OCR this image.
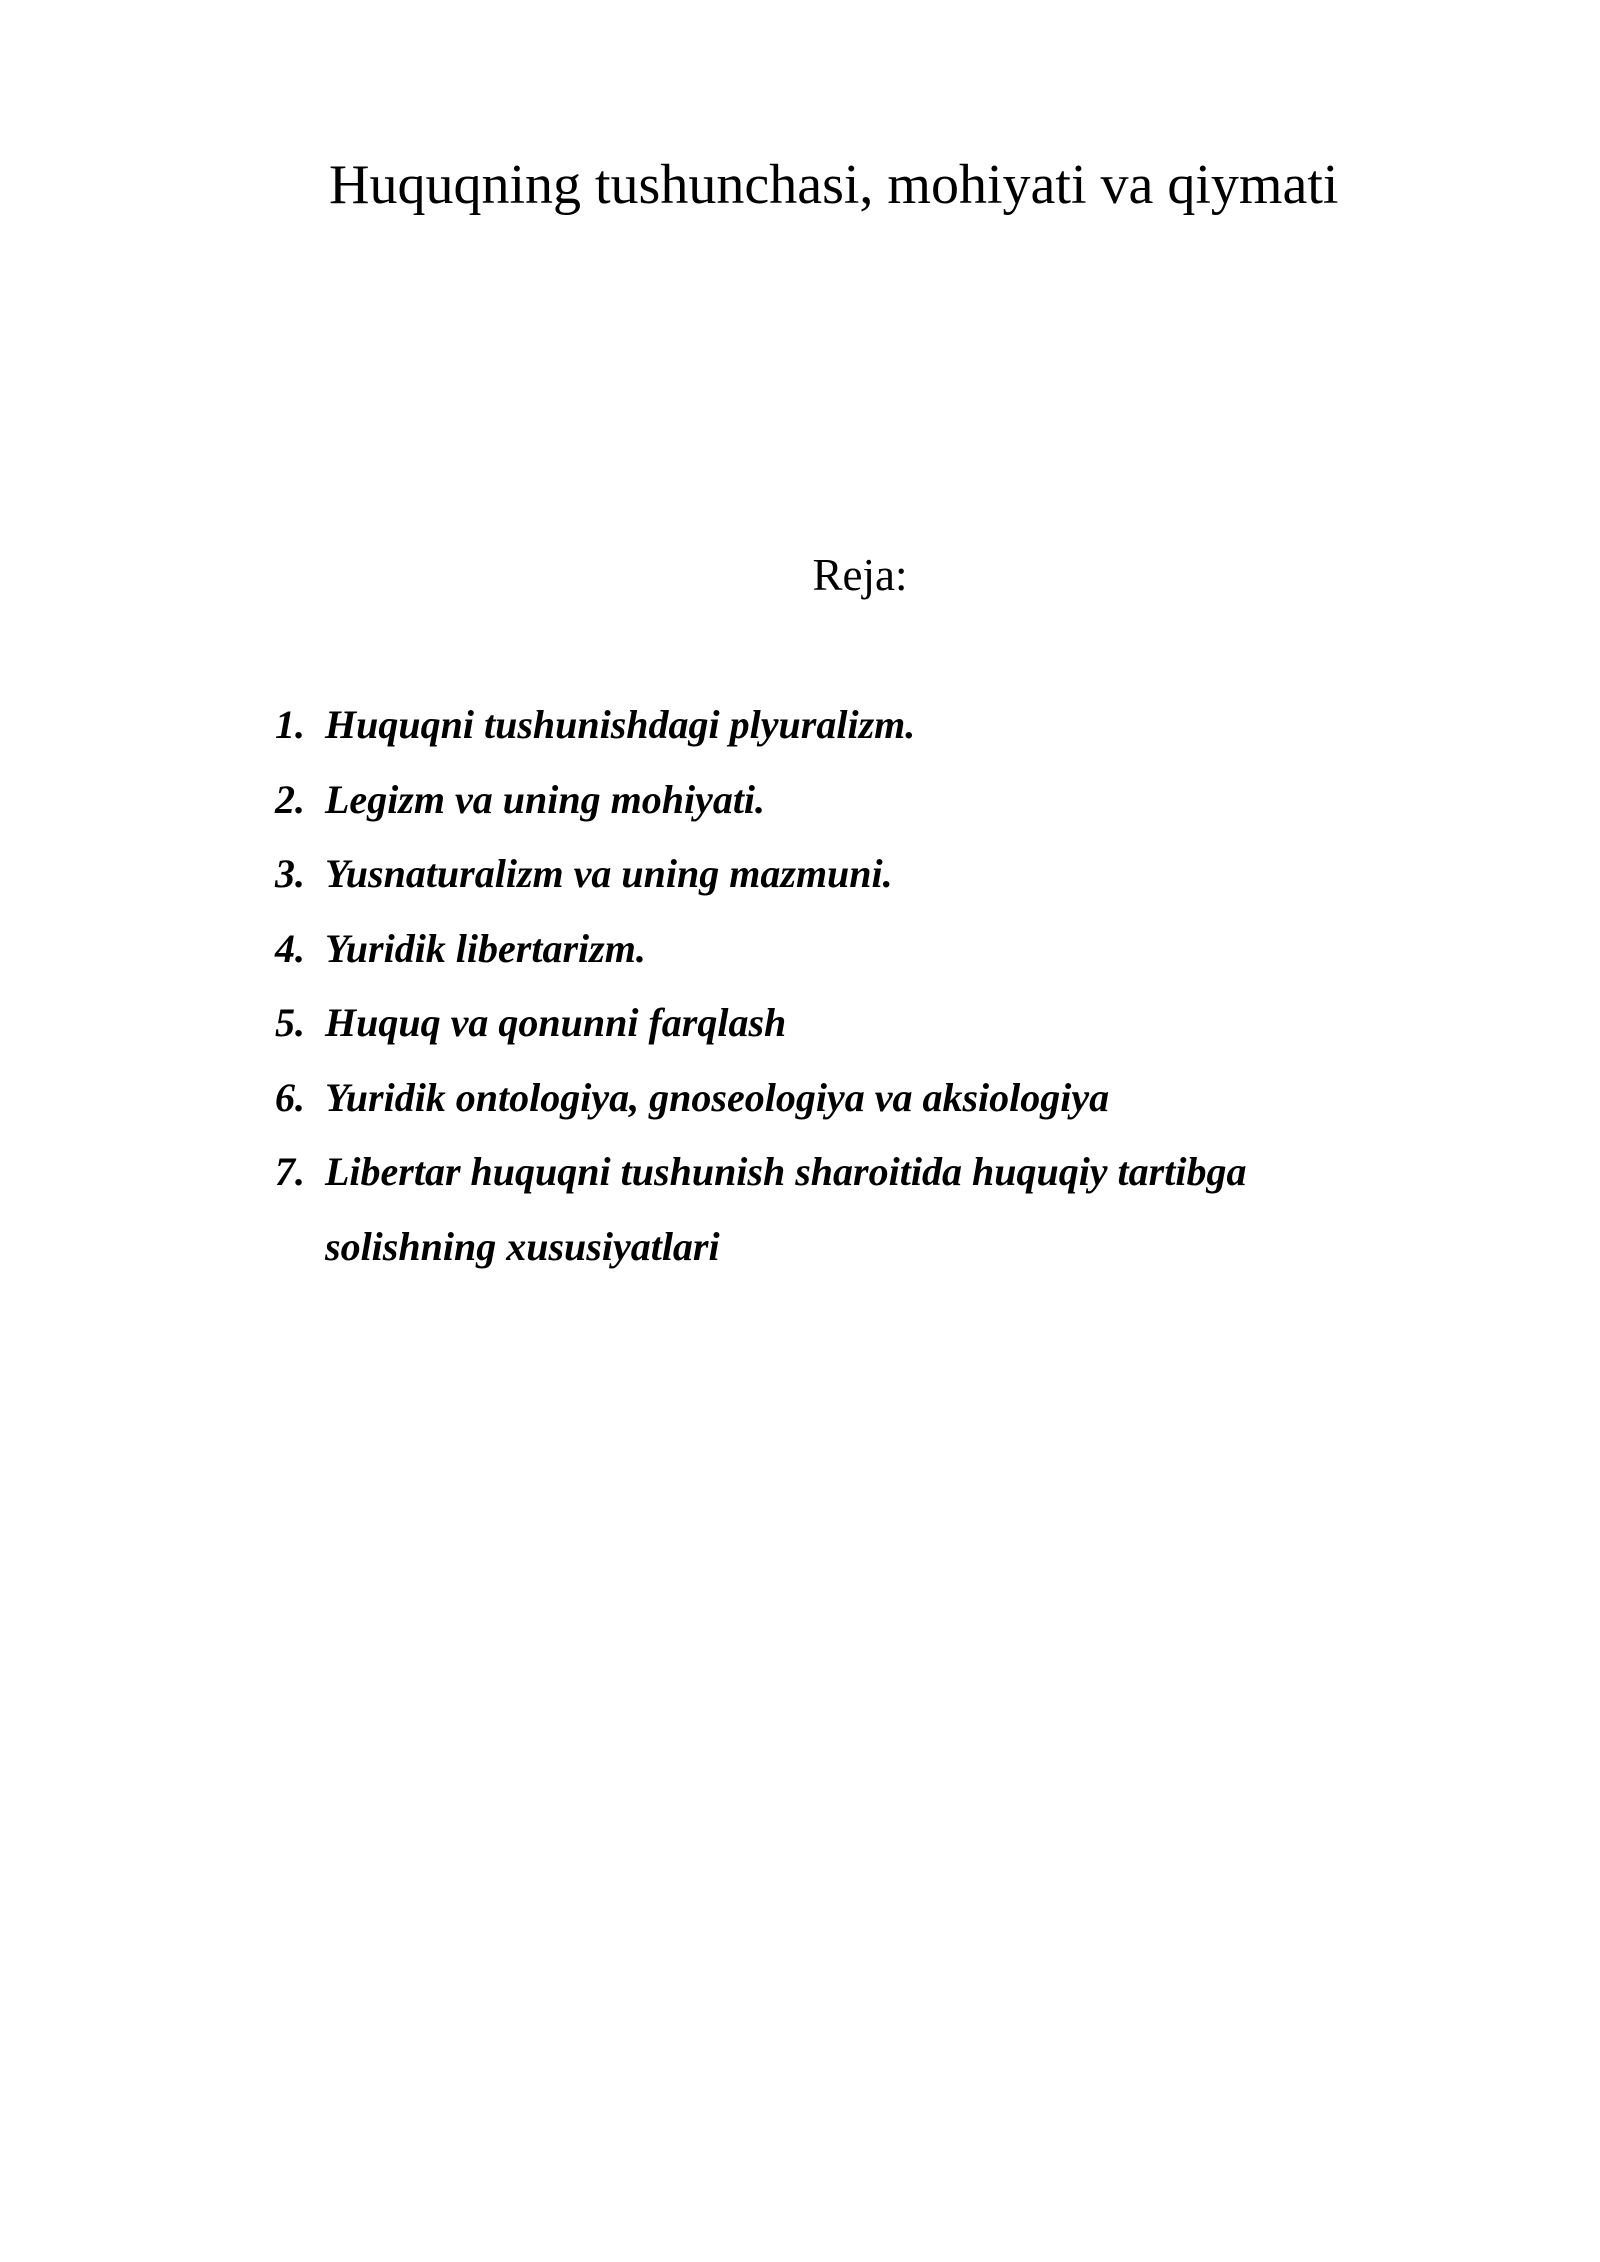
Huquqning tushunchasi, mohiyati va qiymati
Reja:
1. Huquqni tushunishdagi plyuralizm.
2. Legizm va uning mohiyati.
3. Yusnaturalizm va uning mazmuni.
4. Yuridik libertarizm.
5. Huquq va qonunni farqlash
6. Yuridik ontologiya, gnoseologiya va aksiologiya
7. Libertar huquqni tushunish sharoitida huquqiy tartibga solishning xususiyatlari
